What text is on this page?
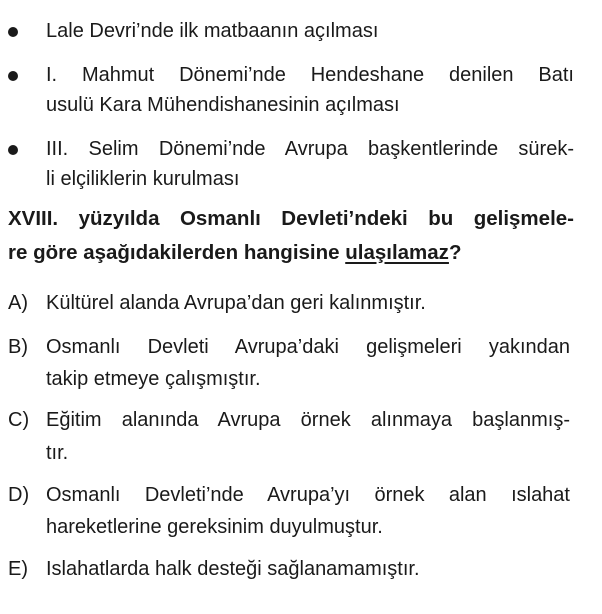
Lale Devri’nde ilk matbaanın açılması
I. Mahmut Dönemi’nde Hendeshane denilen Batı
usulü Kara Mühendishanesinin açılması
III. Selim Dönemi’nde Avrupa başkentlerinde sürek-
li elçiliklerin kurulması
XVIII. yüzyılda Osmanlı Devleti’ndeki bu gelişmele-
re göre aşağıdakilerden hangisine ulaşılamaz?
A) Kültürel alanda Avrupa’dan geri kalınmıştır.
B) Osmanlı Devleti Avrupa’daki gelişmeleri yakından
takip etmeye çalışmıştır.
C) Eğitim alanında Avrupa örnek alınmaya başlanmış-
tır.
D) Osmanlı Devleti’nde Avrupa’yı örnek alan ıslahat
hareketlerine gereksinim duyulmuştur.
E) Islahatlarda halk desteği sağlanamamıştır.
